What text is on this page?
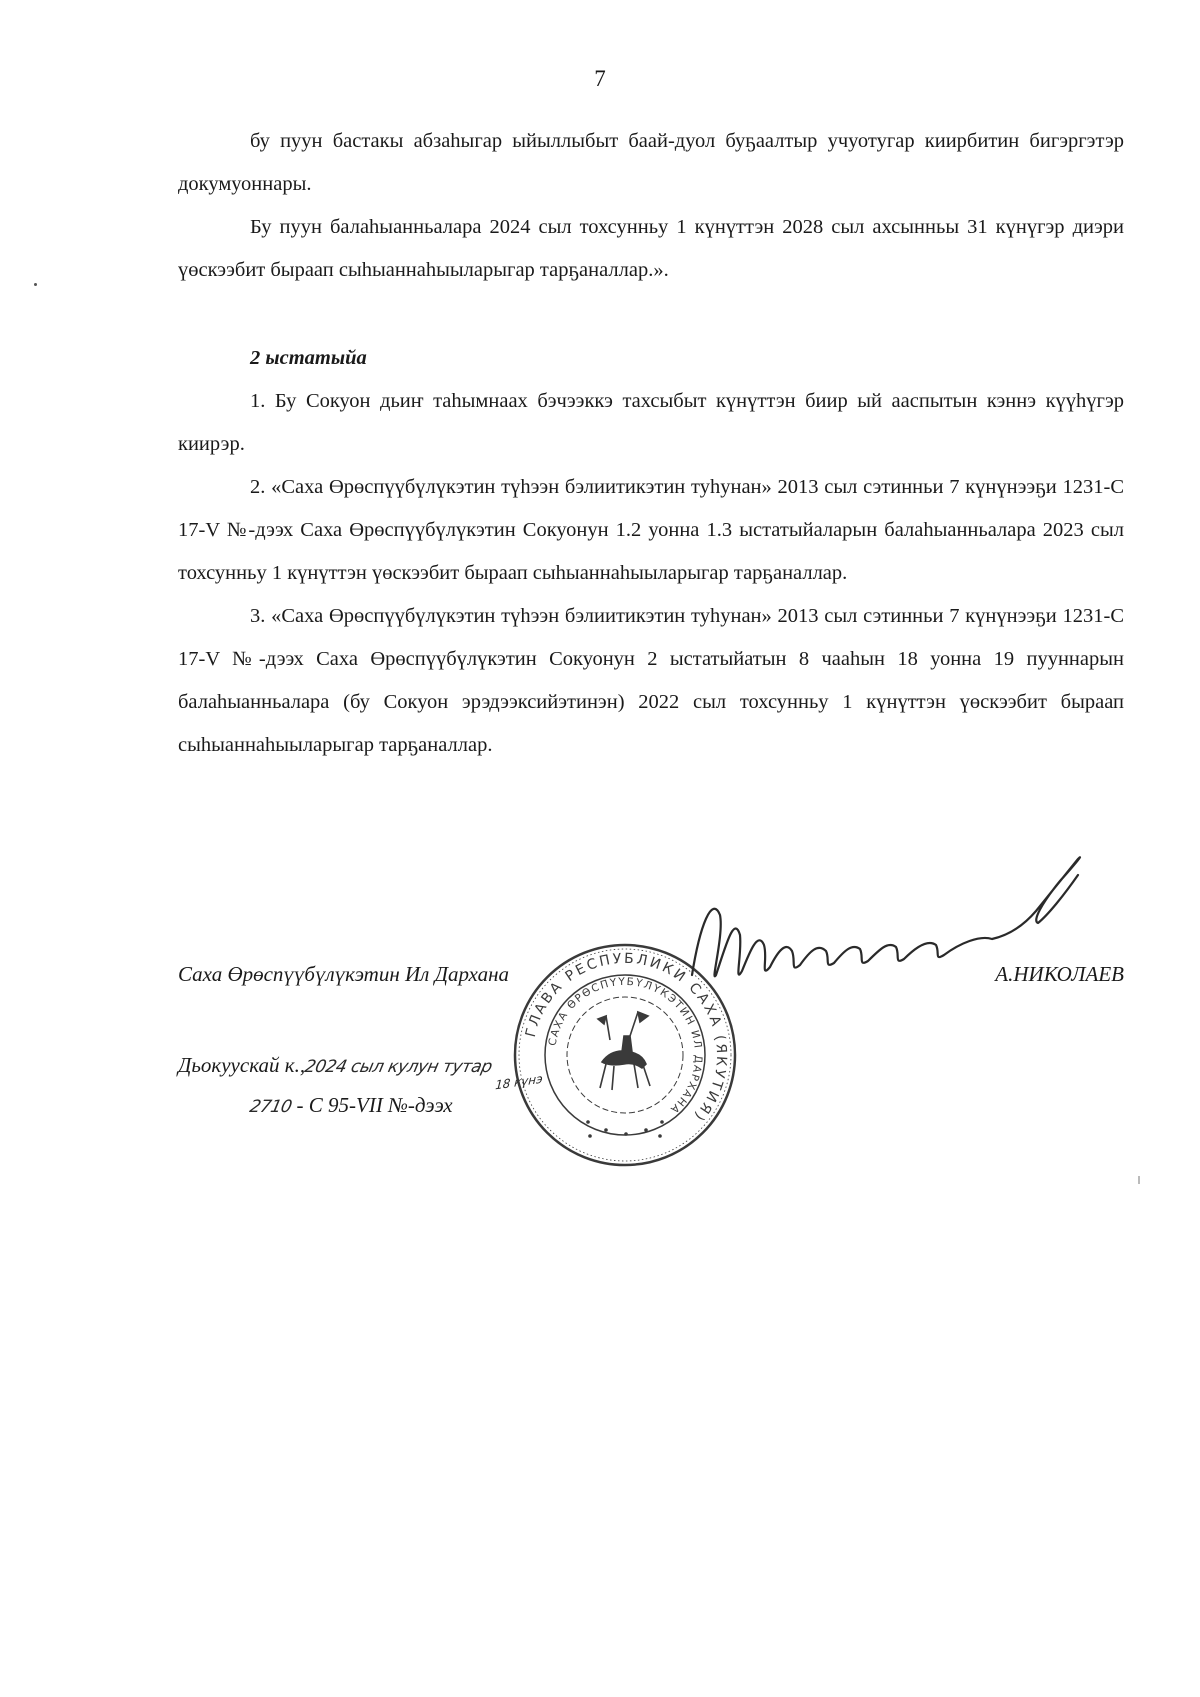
7

бу пуун бастакы абзаһыгар ыйыллыбыт баай-дуол буҕаалтыр учуотугар киирбитин бигэргэтэр докумуоннары.

Бу пуун балаһыанньалара 2024 сыл тохсунньу 1 күнүттэн 2028 сыл ахсынньы 31 күнүгэр диэри үөскээбит быраап сыһыаннаһыыларыгар тарҕаналлар.».

2 ыстатыйа

1. Бу Сокуон дьиҥ таһымнаах бэчээккэ тахсыбыт күнүттэн биир ый ааспытын кэннэ күүһүгэр киирэр.

2. «Саха Өрөспүүбүлүкэтин түһээн бэлиитикэтин туһунан» 2013 сыл сэтинньи 7 күнүнээҕи 1231-С 17-V №-дээх Саха Өрөспүүбүлүкэтин Сокуонун 1.2 уонна 1.3 ыстатыйаларын балаһыанньалара 2023 сыл тохсунньу 1 күнүттэн үөскээбит быраап сыһыаннаһыыларыгар тарҕаналлар.

3. «Саха Өрөспүүбүлүкэтин түһээн бэлиитикэтин туһунан» 2013 сыл сэтинньи 7 күнүнээҕи 1231-С 17-V №-дээх Саха Өрөспүүбүлүкэтин Сокуонун 2 ыстатыйатын 8 чааһын 18 уонна 19 пууннарын балаһыанньалара (бу Сокуон эрэдээксийэтинэн) 2022 сыл тохсунньу 1 күнүттэн үөскээбит быраап сыһыаннаһыыларыгар тарҕаналлар.

Саха Өрөспүүбүлүкэтин Ил Дархана	А.НИКОЛАЕВ
Дьокуускай к.,2024 сыл кулун тутар
18 күнэ
2710 - С 95-VII №-дээх
ГЛАВА РЕСПУБЛИКИ САХА (ЯКУТИЯ)
САХА ӨРӨСПҮҮБҮЛҮКЭТИН ИЛ ДАРХАНА
